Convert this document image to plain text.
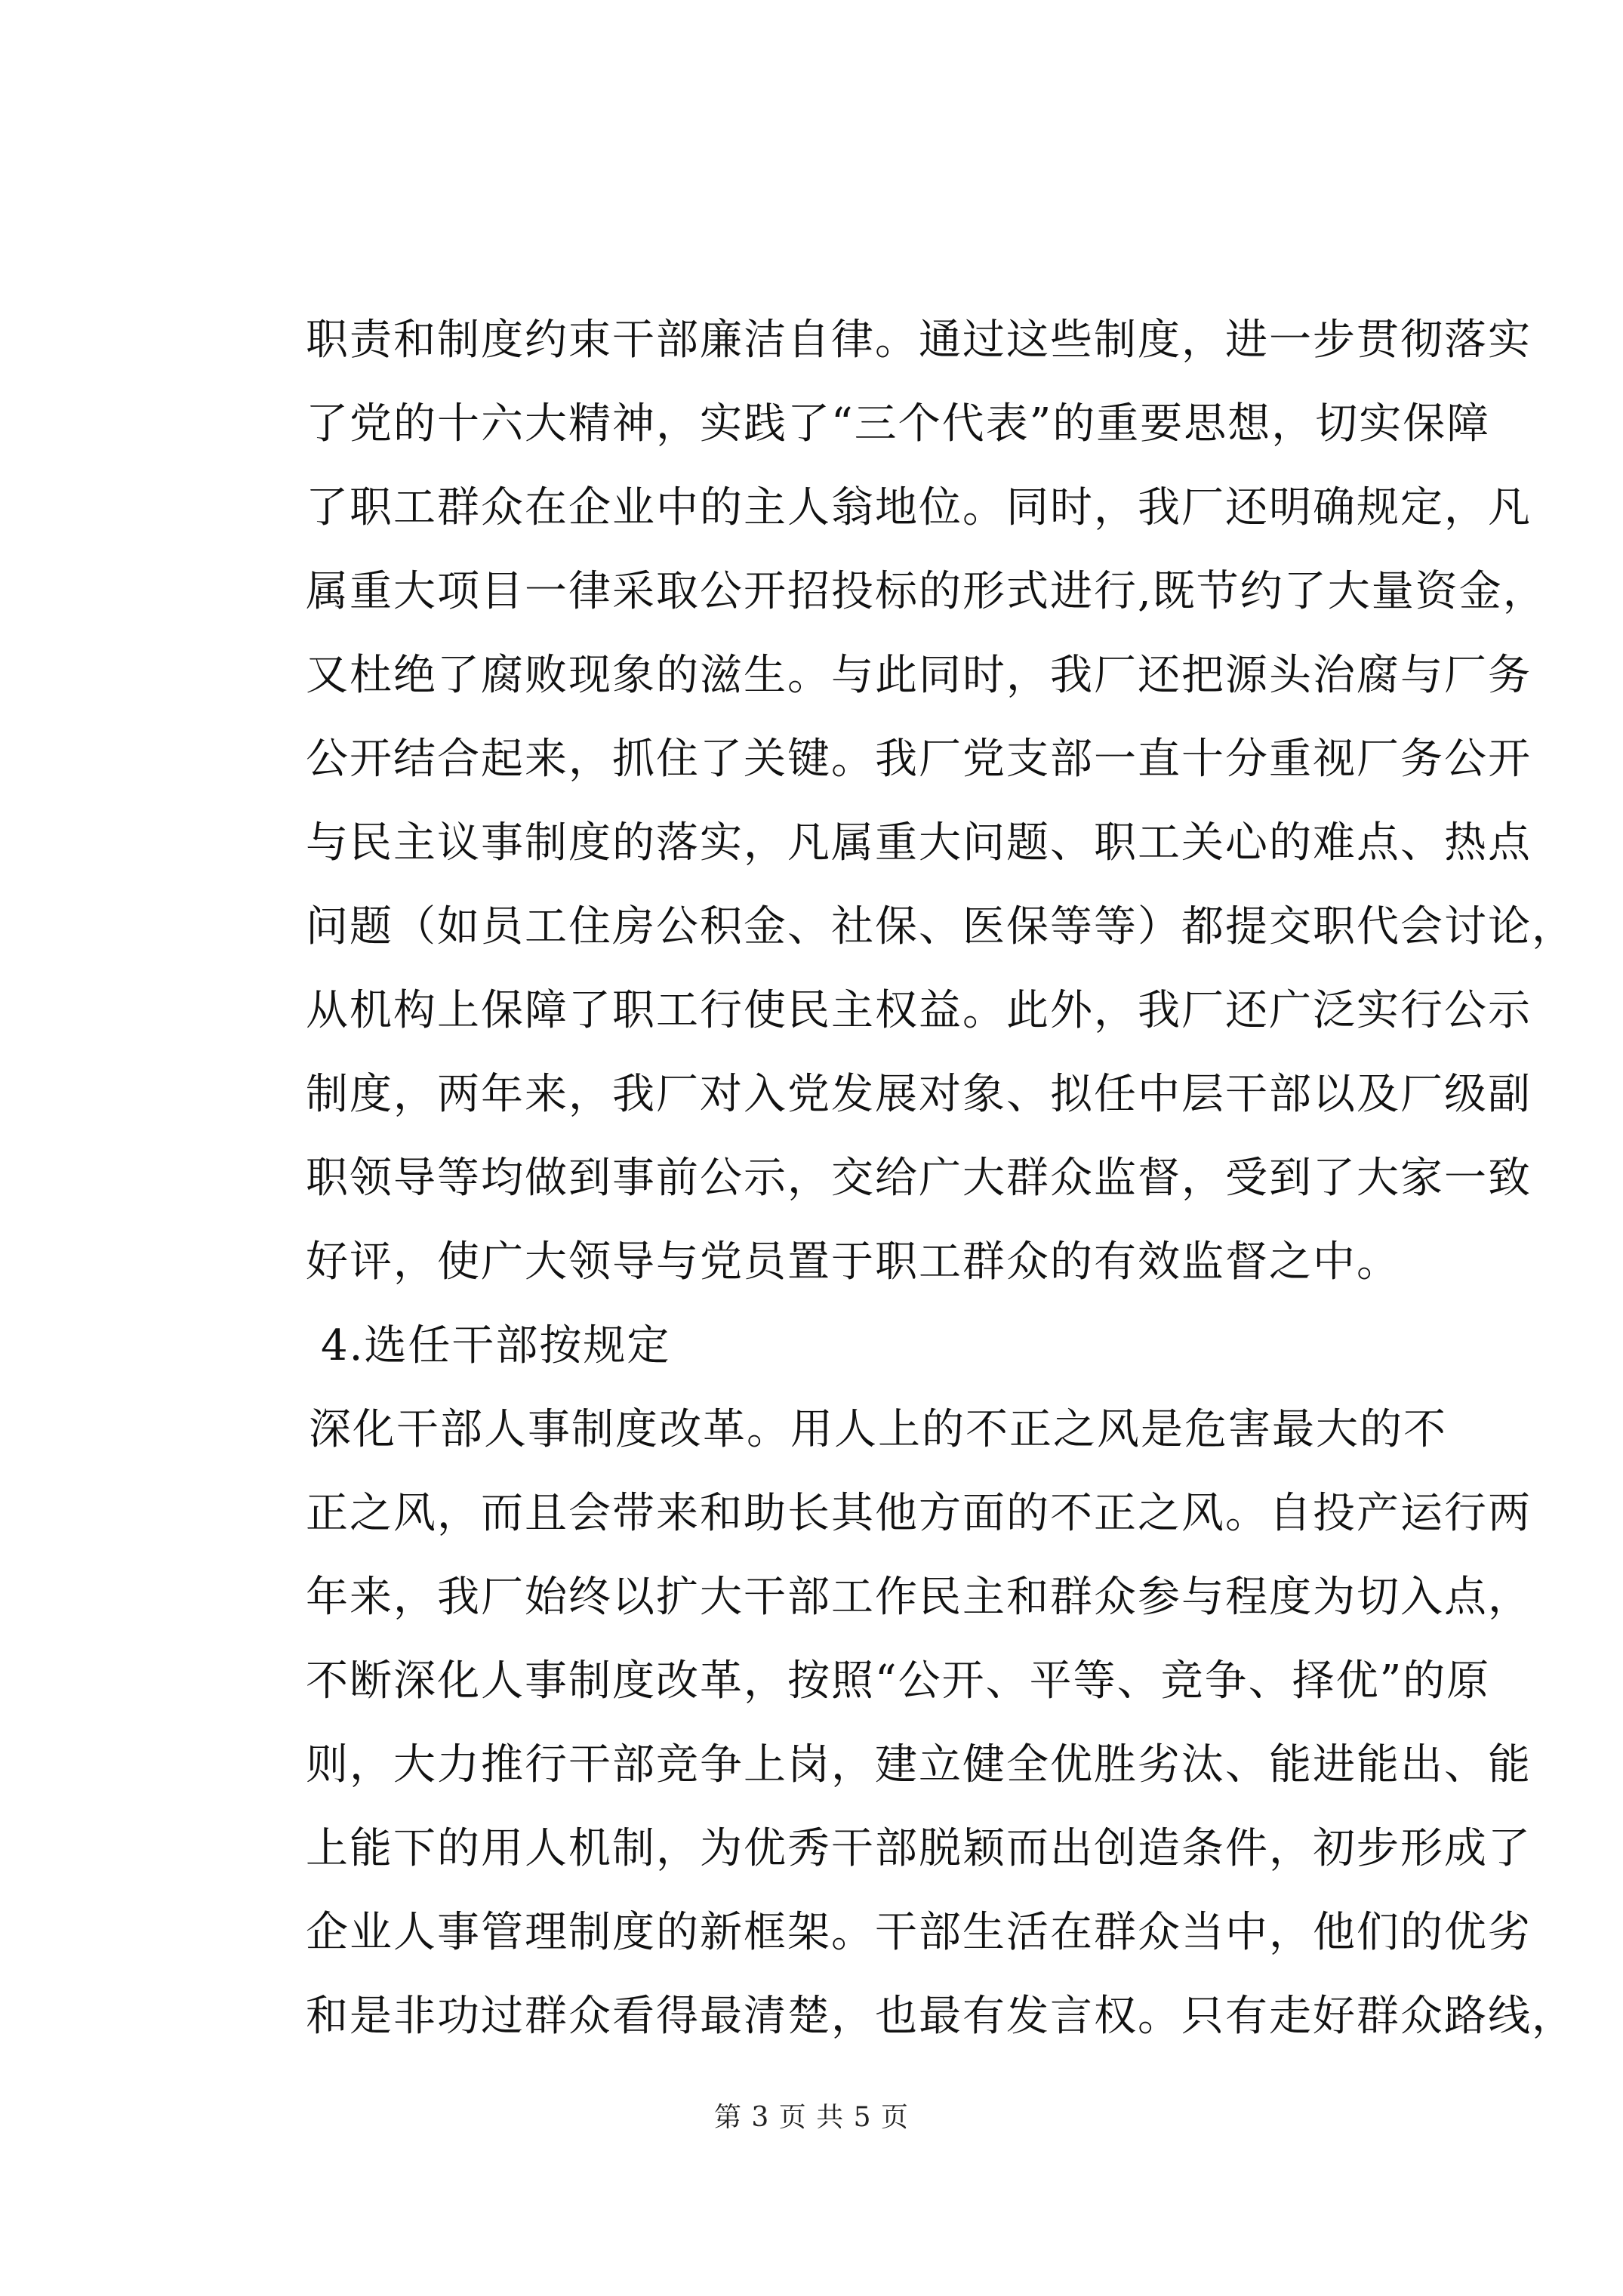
职责和制度约束干部廉洁自律。通过这些制度，进一步贯彻落实
了党的十六大精神，实践了“三个代表”的重要思想，切实保障
了职工群众在企业中的主人翁地位。同时，我厂还明确规定，凡
属重大项目一律采取公开招投标的形式进行,既节约了大量资金，
又杜绝了腐败现象的滋生。与此同时，我厂还把源头治腐与厂务
公开结合起来，抓住了关键。我厂党支部一直十分重视厂务公开
与民主议事制度的落实，凡属重大问题、职工关心的难点、热点
问题（如员工住房公积金、社保、医保等等）都提交职代会讨论，
从机构上保障了职工行使民主权益。此外，我厂还广泛实行公示
制度，两年来，我厂对入党发展对象、拟任中层干部以及厂级副
职领导等均做到事前公示，交给广大群众监督，受到了大家一致
好评，使广大领导与党员置于职工群众的有效监督之中。
4.选任干部按规定
深化干部人事制度改革。用人上的不正之风是危害最大的不
正之风，而且会带来和助长其他方面的不正之风。自投产运行两
年来，我厂始终以扩大干部工作民主和群众参与程度为切入点，
不断深化人事制度改革，按照“公开、平等、竞争、择优”的原
则，大力推行干部竞争上岗，建立健全优胜劣汰、能进能出、能
上能下的用人机制，为优秀干部脱颖而出创造条件，初步形成了
企业人事管理制度的新框架。干部生活在群众当中，他们的优劣
和是非功过群众看得最清楚，也最有发言权。只有走好群众路线，
第 3 页 共 5 页
